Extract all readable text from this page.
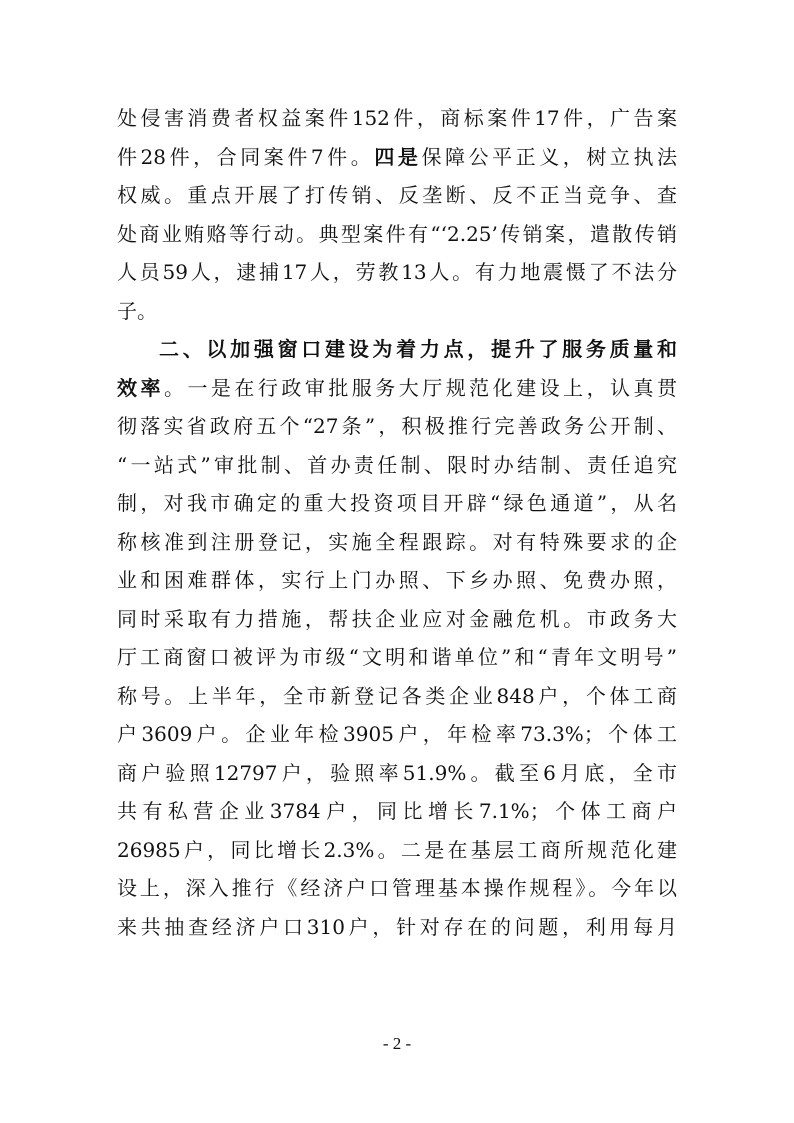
处侵害消费者权益案件152件，商标案件17件，广告案
件28件，合同案件7件。四是保障公平正义，树立执法
权威。重点开展了打传销、反垄断、反不正当竞争、查
处商业贿赂等行动。典型案件有“‘2.25’传销案，遣散传销
人员59人，逮捕17人，劳教13人。有力地震慑了不法分
子。
二、以加强窗口建设为着力点，提升了服务质量和
效率。一是在行政审批服务大厅规范化建设上，认真贯
彻落实省政府五个“27条”，积极推行完善政务公开制、
“一站式”审批制、首办责任制、限时办结制、责任追究
制，对我市确定的重大投资项目开辟“绿色通道”，从名
称核准到注册登记，实施全程跟踪。对有特殊要求的企
业和困难群体，实行上门办照、下乡办照、免费办照，
同时采取有力措施，帮扶企业应对金融危机。市政务大
厅工商窗口被评为市级“文明和谐单位”和“青年文明号”
称号。上半年，全市新登记各类企业848户，个体工商
户3609户。企业年检3905户，年检率73.3%；个体工
商户验照12797户，验照率51.9%。截至6月底，全市
共有私营企业3784户，同比增长7.1%；个体工商户
26985户，同比增长2.3%。二是在基层工商所规范化建
设上，深入推行《经济户口管理基本操作规程》。今年以
来共抽查经济户口310户，针对存在的问题，利用每月
- 2 -
